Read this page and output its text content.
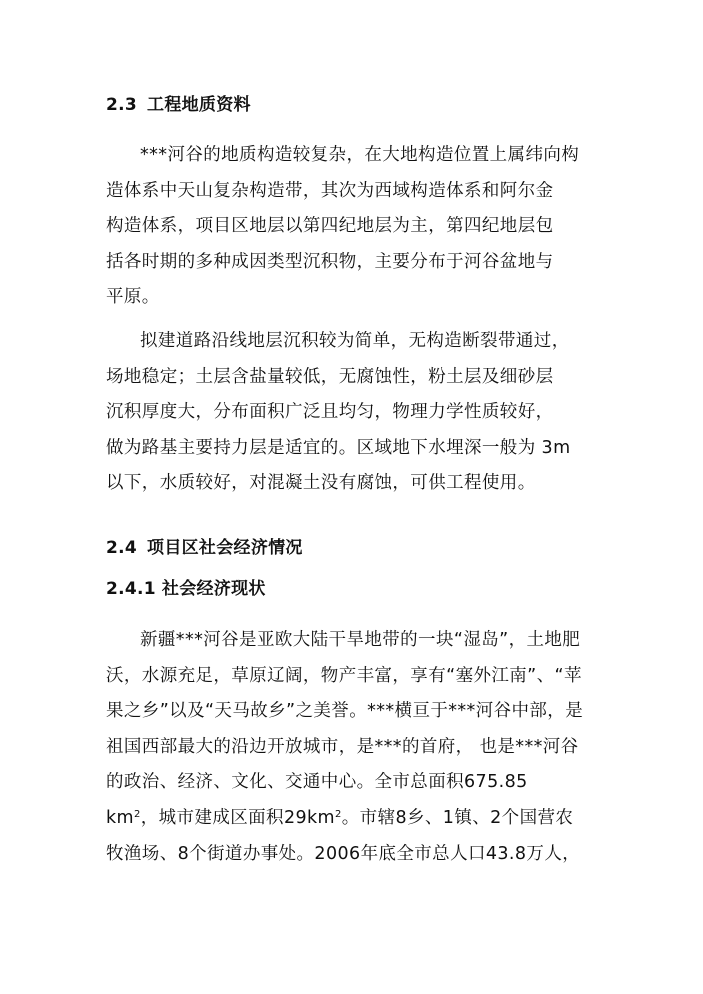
2.3 工程地质资料
***河谷的地质构造较复杂，在大地构造位置上属纬向构
造体系中天山复杂构造带，其次为西域构造体系和阿尔金
构造体系，项目区地层以第四纪地层为主，第四纪地层包
括各时期的多种成因类型沉积物，主要分布于河谷盆地与
平原。
拟建道路沿线地层沉积较为简单，无构造断裂带通过，
场地稳定；土层含盐量较低，无腐蚀性，粉土层及细砂层
沉积厚度大，分布面积广泛且均匀，物理力学性质较好，
做为路基主要持力层是适宜的。区域地下水埋深一般为 3m
以下，水质较好，对混凝土没有腐蚀，可供工程使用。
2.4 项目区社会经济情况
2.4.1 社会经济现状
新疆***河谷是亚欧大陆干旱地带的一块“湿岛”，土地肥
沃，水源充足，草原辽阔，物产丰富，享有“塞外江南”、“苹
果之乡”以及“天马故乡”之美誉。***横亘于***河谷中部，是
祖国西部最大的沿边开放城市，是***的首府， 也是***河谷
的政治、经济、文化、交通中心。全市总面积675.85
$km^2$，城市建成区面积$29km^2$。市辖8乡、1镇、2个国营农
牧渔场、8个街道办事处。2006年底全市总人口43.8万人，
